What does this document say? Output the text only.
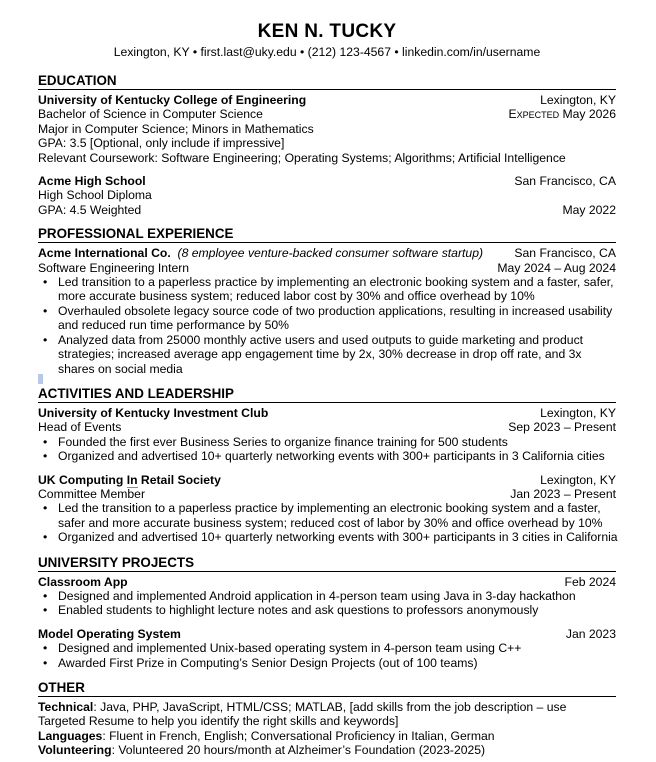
KEN N. TUCKY
Lexington, KY • first.last@uky.edu • (212) 123-4567 • linkedin.com/in/username
EDUCATION
University of Kentucky College of Engineering	Lexington, KY
Bachelor of Science in Computer Science	Expected May 2026
Major in Computer Science; Minors in Mathematics
GPA: 3.5 [Optional, only include if impressive]
Relevant Coursework: Software Engineering; Operating Systems; Algorithms; Artificial Intelligence
Acme High School	San Francisco, CA
High School Diploma
GPA: 4.5 Weighted	May 2022
PROFESSIONAL EXPERIENCE
Acme International Co. (8 employee venture-backed consumer software startup)	San Francisco, CA
Software Engineering Intern	May 2024 – Aug 2024
• Led transition to a paperless practice by implementing an electronic booking system and a faster, safer,
more accurate business system; reduced labor cost by 30% and office overhead by 10%
• Overhauled obsolete legacy source code of two production applications, resulting in increased usability
and reduced run time performance by 50%
• Analyzed data from 25000 monthly active users and used outputs to guide marketing and product
strategies; increased average app engagement time by 2x, 30% decrease in drop off rate, and 3x
shares on social media
ACTIVITIES AND LEADERSHIP
University of Kentucky Investment Club	Lexington, KY
Head of Events	Sep 2023 – Present
• Founded the first ever Business Series to organize finance training for 500 students
• Organized and advertised 10+ quarterly networking events with 300+ participants in 3 California cities
UK Computing In Retail Society	Lexington, KY
Committee Member	Jan 2023 – Present
• Led the transition to a paperless practice by implementing an electronic booking system and a faster,
safer and more accurate business system; reduced cost of labor by 30% and office overhead by 10%
• Organized and advertised 10+ quarterly networking events with 300+ participants in 3 cities in California
UNIVERSITY PROJECTS
Classroom App	Feb 2024
• Designed and implemented Android application in 4-person team using Java in 3-day hackathon
• Enabled students to highlight lecture notes and ask questions to professors anonymously
Model Operating System	Jan 2023
• Designed and implemented Unix-based operating system in 4-person team using C++
• Awarded First Prize in Computing’s Senior Design Projects (out of 100 teams)
OTHER
Technical: Java, PHP, JavaScript, HTML/CSS; MATLAB, [add skills from the job description – use
Targeted Resume to help you identify the right skills and keywords]
Languages: Fluent in French, English; Conversational Proficiency in Italian, German
Volunteering: Volunteered 20 hours/month at Alzheimer’s Foundation (2023-2025)
